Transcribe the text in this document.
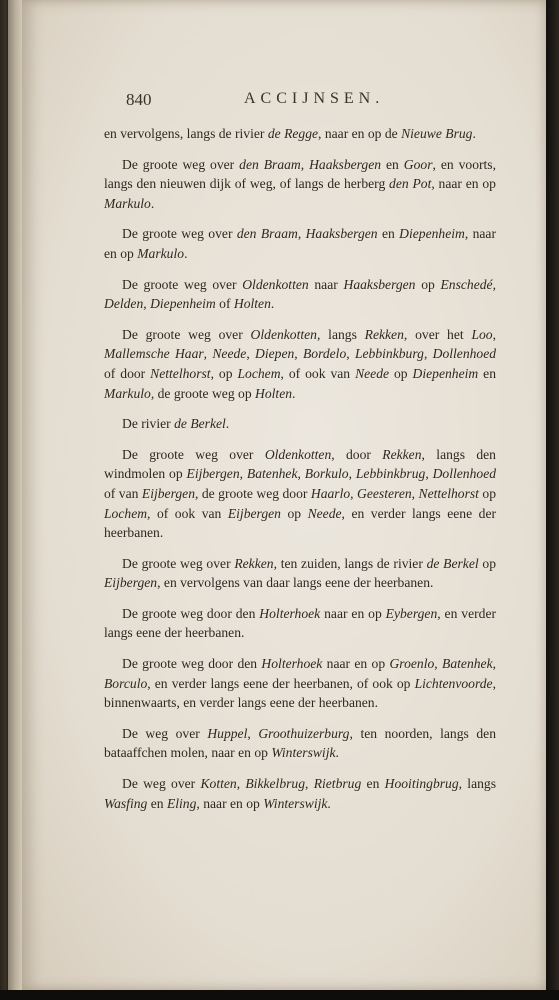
840	ACCIJNSEN.

en vervolgens, langs de rivier de Regge, naar en op de Nieuwe Brug.

De groote weg over den Braam, Haaksbergen en Goor, en voorts, langs den nieuwen dijk of weg, of langs de herberg den Pot, naar en op Markulo.

De groote weg over den Braam, Haaksbergen en Diepenheim, naar en op Markulo.

De groote weg over Oldenkotten naar Haaksbergen op Enschedé, Delden, Diepenheim of Holten.

De groote weg over Oldenkotten, langs Rekken, over het Loo, Mallemsche Haar, Neede, Diepen, Bordelo, Lebbinkburg, Dollenhoed of door Nettelhorst, op Lochem, of ook van Neede op Diepenheim en Markulo, de groote weg op Holten.

De rivier de Berkel.

De groote weg over Oldenkotten, door Rekken, langs den windmolen op Eijbergen, Batenhek, Borkulo, Lebbinkbrug, Dollenhoed of van Eijbergen, de groote weg door Haarlo, Geesteren, Nettelhorst op Lochem, of ook van Eijbergen op Neede, en verder langs eene der heerbanen.

De groote weg over Rekken, ten zuiden, langs de rivier de Berkel op Eijbergen, en vervolgens van daar langs eene der heerbanen.

De groote weg door den Holterhoek naar en op Eybergen, en verder langs eene der heerbanen.

De groote weg door den Holterhoek naar en op Groenlo, Batenhek, Borculo, en verder langs eene der heerbanen, of ook op Lichtenvoorde, binnenwaarts, en verder langs eene der heerbanen.

De weg over Huppel, Groothuizerburg, ten noorden, langs den bataaffchen molen, naar en op Winterswijk.

De weg over Kotten, Bikkelbrug, Rietbrug en Hooitingbrug, langs Wasfing en Eling, naar en op Winterswijk.
